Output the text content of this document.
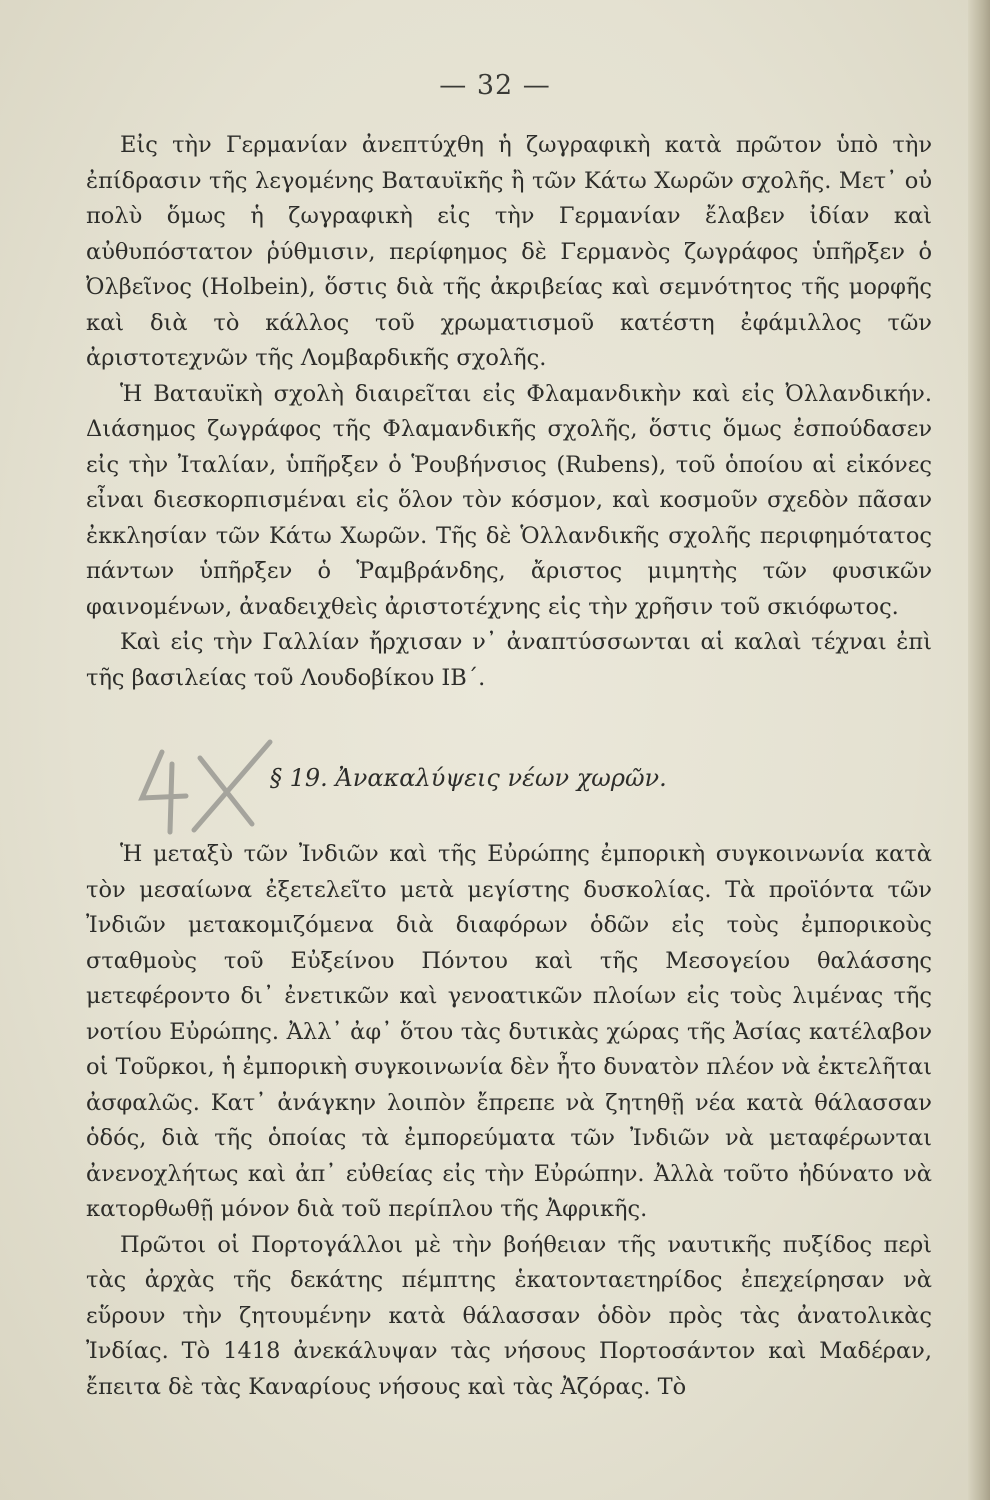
— 32 —

Εἰς τὴν Γερμανίαν ἀνεπτύχθη ἡ ζωγραφικὴ κατὰ πρῶτον ὑπὸ τὴν ἐπίδρασιν τῆς λεγομένης Βαταυϊκῆς ἢ τῶν Κάτω Χωρῶν σχολῆς. Μετ᾽ οὐ πολὺ ὅμως ἡ ζωγραφικὴ εἰς τὴν Γερμανίαν ἔλαβεν ἰδίαν καὶ αὐθυπόστατον ῥύθμισιν, περίφημος δὲ Γερμανὸς ζωγράφος ὑπῆρξεν ὁ Ὀλβεῖνος (Holbein), ὅστις διὰ τῆς ἀκριβείας καὶ σεμνότητος τῆς μορφῆς καὶ διὰ τὸ κάλλος τοῦ χρωματισμοῦ κατέστη ἐφάμιλλος τῶν ἀριστοτεχνῶν τῆς Λομβαρδικῆς σχολῆς.

Ἡ Βαταυϊκὴ σχολὴ διαιρεῖται εἰς Φλαμανδικὴν καὶ εἰς Ὀλλανδικήν. Διάσημος ζωγράφος τῆς Φλαμανδικῆς σχολῆς, ὅστις ὅμως ἐσπούδασεν εἰς τὴν Ἰταλίαν, ὑπῆρξεν ὁ Ῥουβήνσιος (Rubens), τοῦ ὁποίου αἱ εἰκόνες εἶναι διεσκορπισμέναι εἰς ὅλον τὸν κόσμον, καὶ κοσμοῦν σχεδὸν πᾶσαν ἐκκλησίαν τῶν Κάτω Χωρῶν. Τῆς δὲ Ὁλλανδικῆς σχολῆς περιφημότατος πάντων ὑπῆρξεν ὁ Ῥαμβράνδης, ἄριστος μιμητὴς τῶν φυσικῶν φαινομένων, ἀναδειχθεὶς ἀριστοτέχνης εἰς τὴν χρῆσιν τοῦ σκιόφωτος.

Καὶ εἰς τὴν Γαλλίαν ἤρχισαν ν᾽ ἀναπτύσσωνται αἱ καλαὶ τέχναι ἐπὶ τῆς βασιλείας τοῦ Λουδοβίκου ΙΒ΄.

§ 19. Ἀνακαλύψεις νέων χωρῶν.

Ἡ μεταξὺ τῶν Ἰνδιῶν καὶ τῆς Εὐρώπης ἐμπορικὴ συγκοινωνία κατὰ τὸν μεσαίωνα ἐξετελεῖτο μετὰ μεγίστης δυσκολίας. Τὰ προϊόντα τῶν Ἰνδιῶν μετακομιζόμενα διὰ διαφόρων ὁδῶν εἰς τοὺς ἐμπορικοὺς σταθμοὺς τοῦ Εὐξείνου Πόντου καὶ τῆς Μεσογείου θαλάσσης μετεφέροντο δι᾽ ἐνετικῶν καὶ γενοατικῶν πλοίων εἰς τοὺς λιμένας τῆς νοτίου Εὐρώπης. Ἀλλ᾽ ἀφ᾽ ὅτου τὰς δυτικὰς χώρας τῆς Ἀσίας κατέλαβον οἱ Τοῦρκοι, ἡ ἐμπορικὴ συγκοινωνία δὲν ἦτο δυνατὸν πλέον νὰ ἐκτελῆται ἀσφαλῶς. Κατ᾽ ἀνάγκην λοιπὸν ἔπρεπε νὰ ζητηθῇ νέα κατὰ θάλασσαν ὁδός, διὰ τῆς ὁποίας τὰ ἐμπορεύματα τῶν Ἰνδιῶν νὰ μεταφέρωνται ἀνενοχλήτως καὶ ἀπ᾽ εὐθείας εἰς τὴν Εὐρώπην. Ἀλλὰ τοῦτο ἠδύνατο νὰ κατορθωθῇ μόνον διὰ τοῦ περίπλου τῆς Ἀφρικῆς.

Πρῶτοι οἱ Πορτογάλλοι μὲ τὴν βοήθειαν τῆς ναυτικῆς πυξίδος περὶ τὰς ἀρχὰς τῆς δεκάτης πέμπτης ἑκατονταετηρίδος ἐπεχείρησαν νὰ εὕρουν τὴν ζητουμένην κατὰ θάλασσαν ὁδὸν πρὸς τὰς ἀνατολικὰς Ἰνδίας. Τὸ 1418 ἀνεκάλυψαν τὰς νήσους Πορτοσάντον καὶ Μαδέραν, ἔπειτα δὲ τὰς Καναρίους νήσους καὶ τὰς Ἀζόρας. Τὸ
